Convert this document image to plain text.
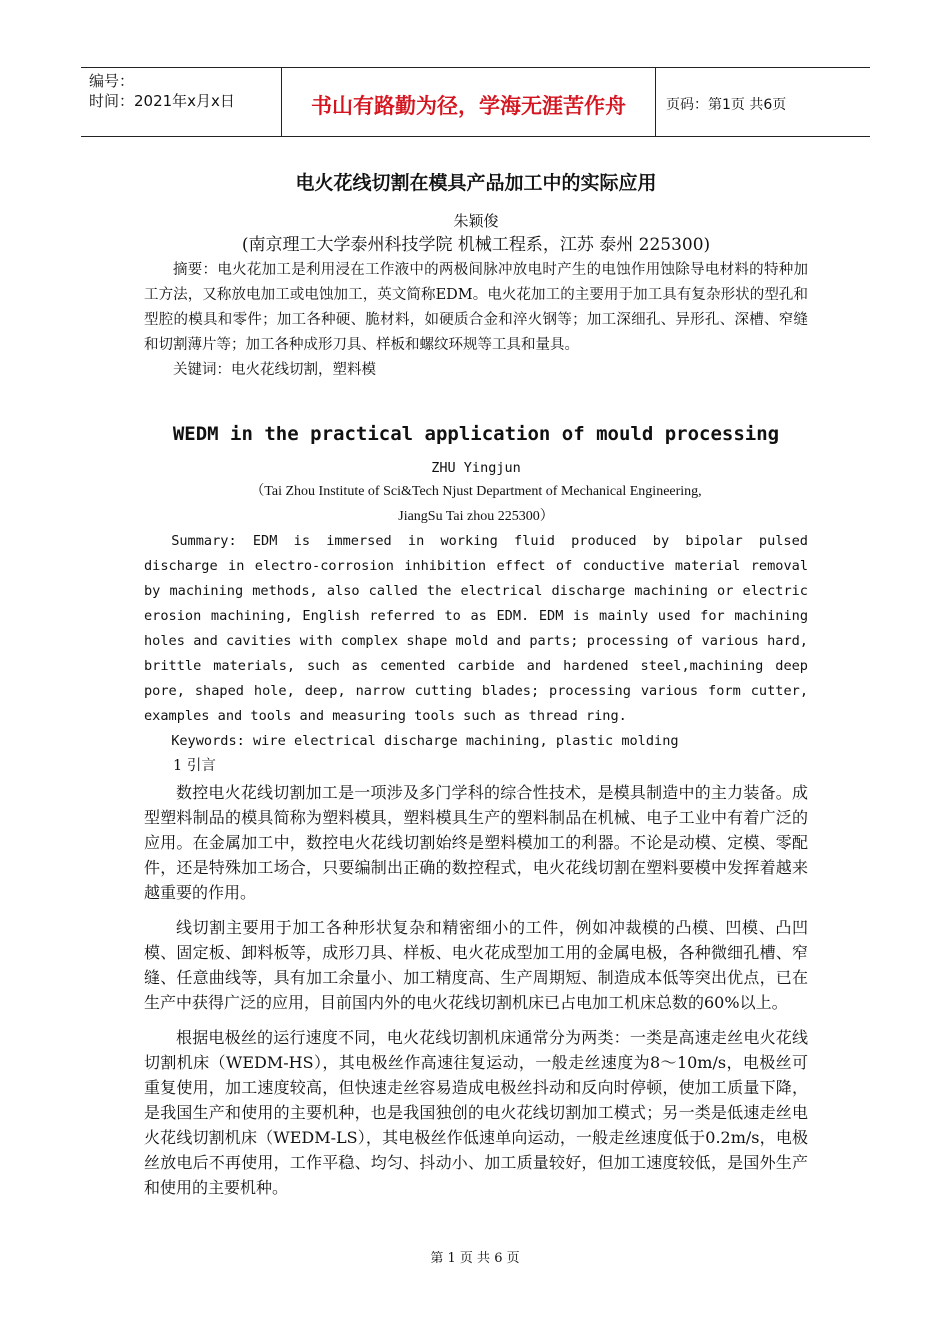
编号：
时间：2021年x月x日	书山有路勤为径，学海无涯苦作舟	页码：第1页 共6页
电火花线切割在模具产品加工中的实际应用
朱颖俊
(南京理工大学泰州科技学院 机械工程系，江苏 泰州 225300)

摘要：电火花加工是利用浸在工作液中的两极间脉冲放电时产生的电蚀作用蚀除导电材料的特种加工方法，又称放电加工或电蚀加工，英文简称EDM。电火花加工的主要用于加工具有复杂形状的型孔和型腔的模具和零件；加工各种硬、脆材料，如硬质合金和淬火钢等；加工深细孔、异形孔、深槽、窄缝和切割薄片等；加工各种成形刀具、样板和螺纹环规等工具和量具。

关键词：电火花线切割，塑料模

WEDM in the practical application of mould processing
ZHU Yingjun
（Tai Zhou Institute of Sci&Tech Njust Department of Mechanical Engineering,
JiangSu Tai zhou 225300）

Summary: EDM is immersed in working fluid produced by bipolar pulsed discharge in electro-corrosion inhibition effect of conductive material removal by machining methods, also called the electrical discharge machining or electric erosion machining, English referred to as EDM. EDM is mainly used for machining holes and cavities with complex shape mold and parts; processing of various hard, brittle materials, such as cemented carbide and hardened steel,machining deep pore, shaped hole, deep, narrow cutting blades; processing various form cutter, examples and tools and measuring tools such as thread ring.

Keywords: wire electrical discharge machining, plastic molding

1 引言

数控电火花线切割加工是一项涉及多门学科的综合性技术，是模具制造中的主力装备。成型塑料制品的模具简称为塑料模具，塑料模具生产的塑料制品在机械、电子工业中有着广泛的应用。在金属加工中，数控电火花线切割始终是塑料模加工的利器。不论是动模、定模、零配件，还是特殊加工场合，只要编制出正确的数控程式，电火花线切割在塑料要模中发挥着越来越重要的作用。

线切割主要用于加工各种形状复杂和精密细小的工件，例如冲裁模的凸模、凹模、凸凹模、固定板、卸料板等，成形刀具、样板、电火花成型加工用的金属电极，各种微细孔槽、窄缝、任意曲线等，具有加工余量小、加工精度高、生产周期短、制造成本低等突出优点，已在生产中获得广泛的应用，目前国内外的电火花线切割机床已占电加工机床总数的60%以上。

根据电极丝的运行速度不同，电火花线切割机床通常分为两类：一类是高速走丝电火花线切割机床（WEDM-HS），其电极丝作高速往复运动，一般走丝速度为8～10m/s，电极丝可重复使用，加工速度较高，但快速走丝容易造成电极丝抖动和反向时停顿，使加工质量下降，是我国生产和使用的主要机种，也是我国独创的电火花线切割加工模式；另一类是低速走丝电火花线切割机床（WEDM-LS），其电极丝作低速单向运动，一般走丝速度低于0.2m/s，电极丝放电后不再使用，工作平稳、均匀、抖动小、加工质量较好，但加工速度较低，是国外生产和使用的主要机种。

第 1 页 共 6 页
